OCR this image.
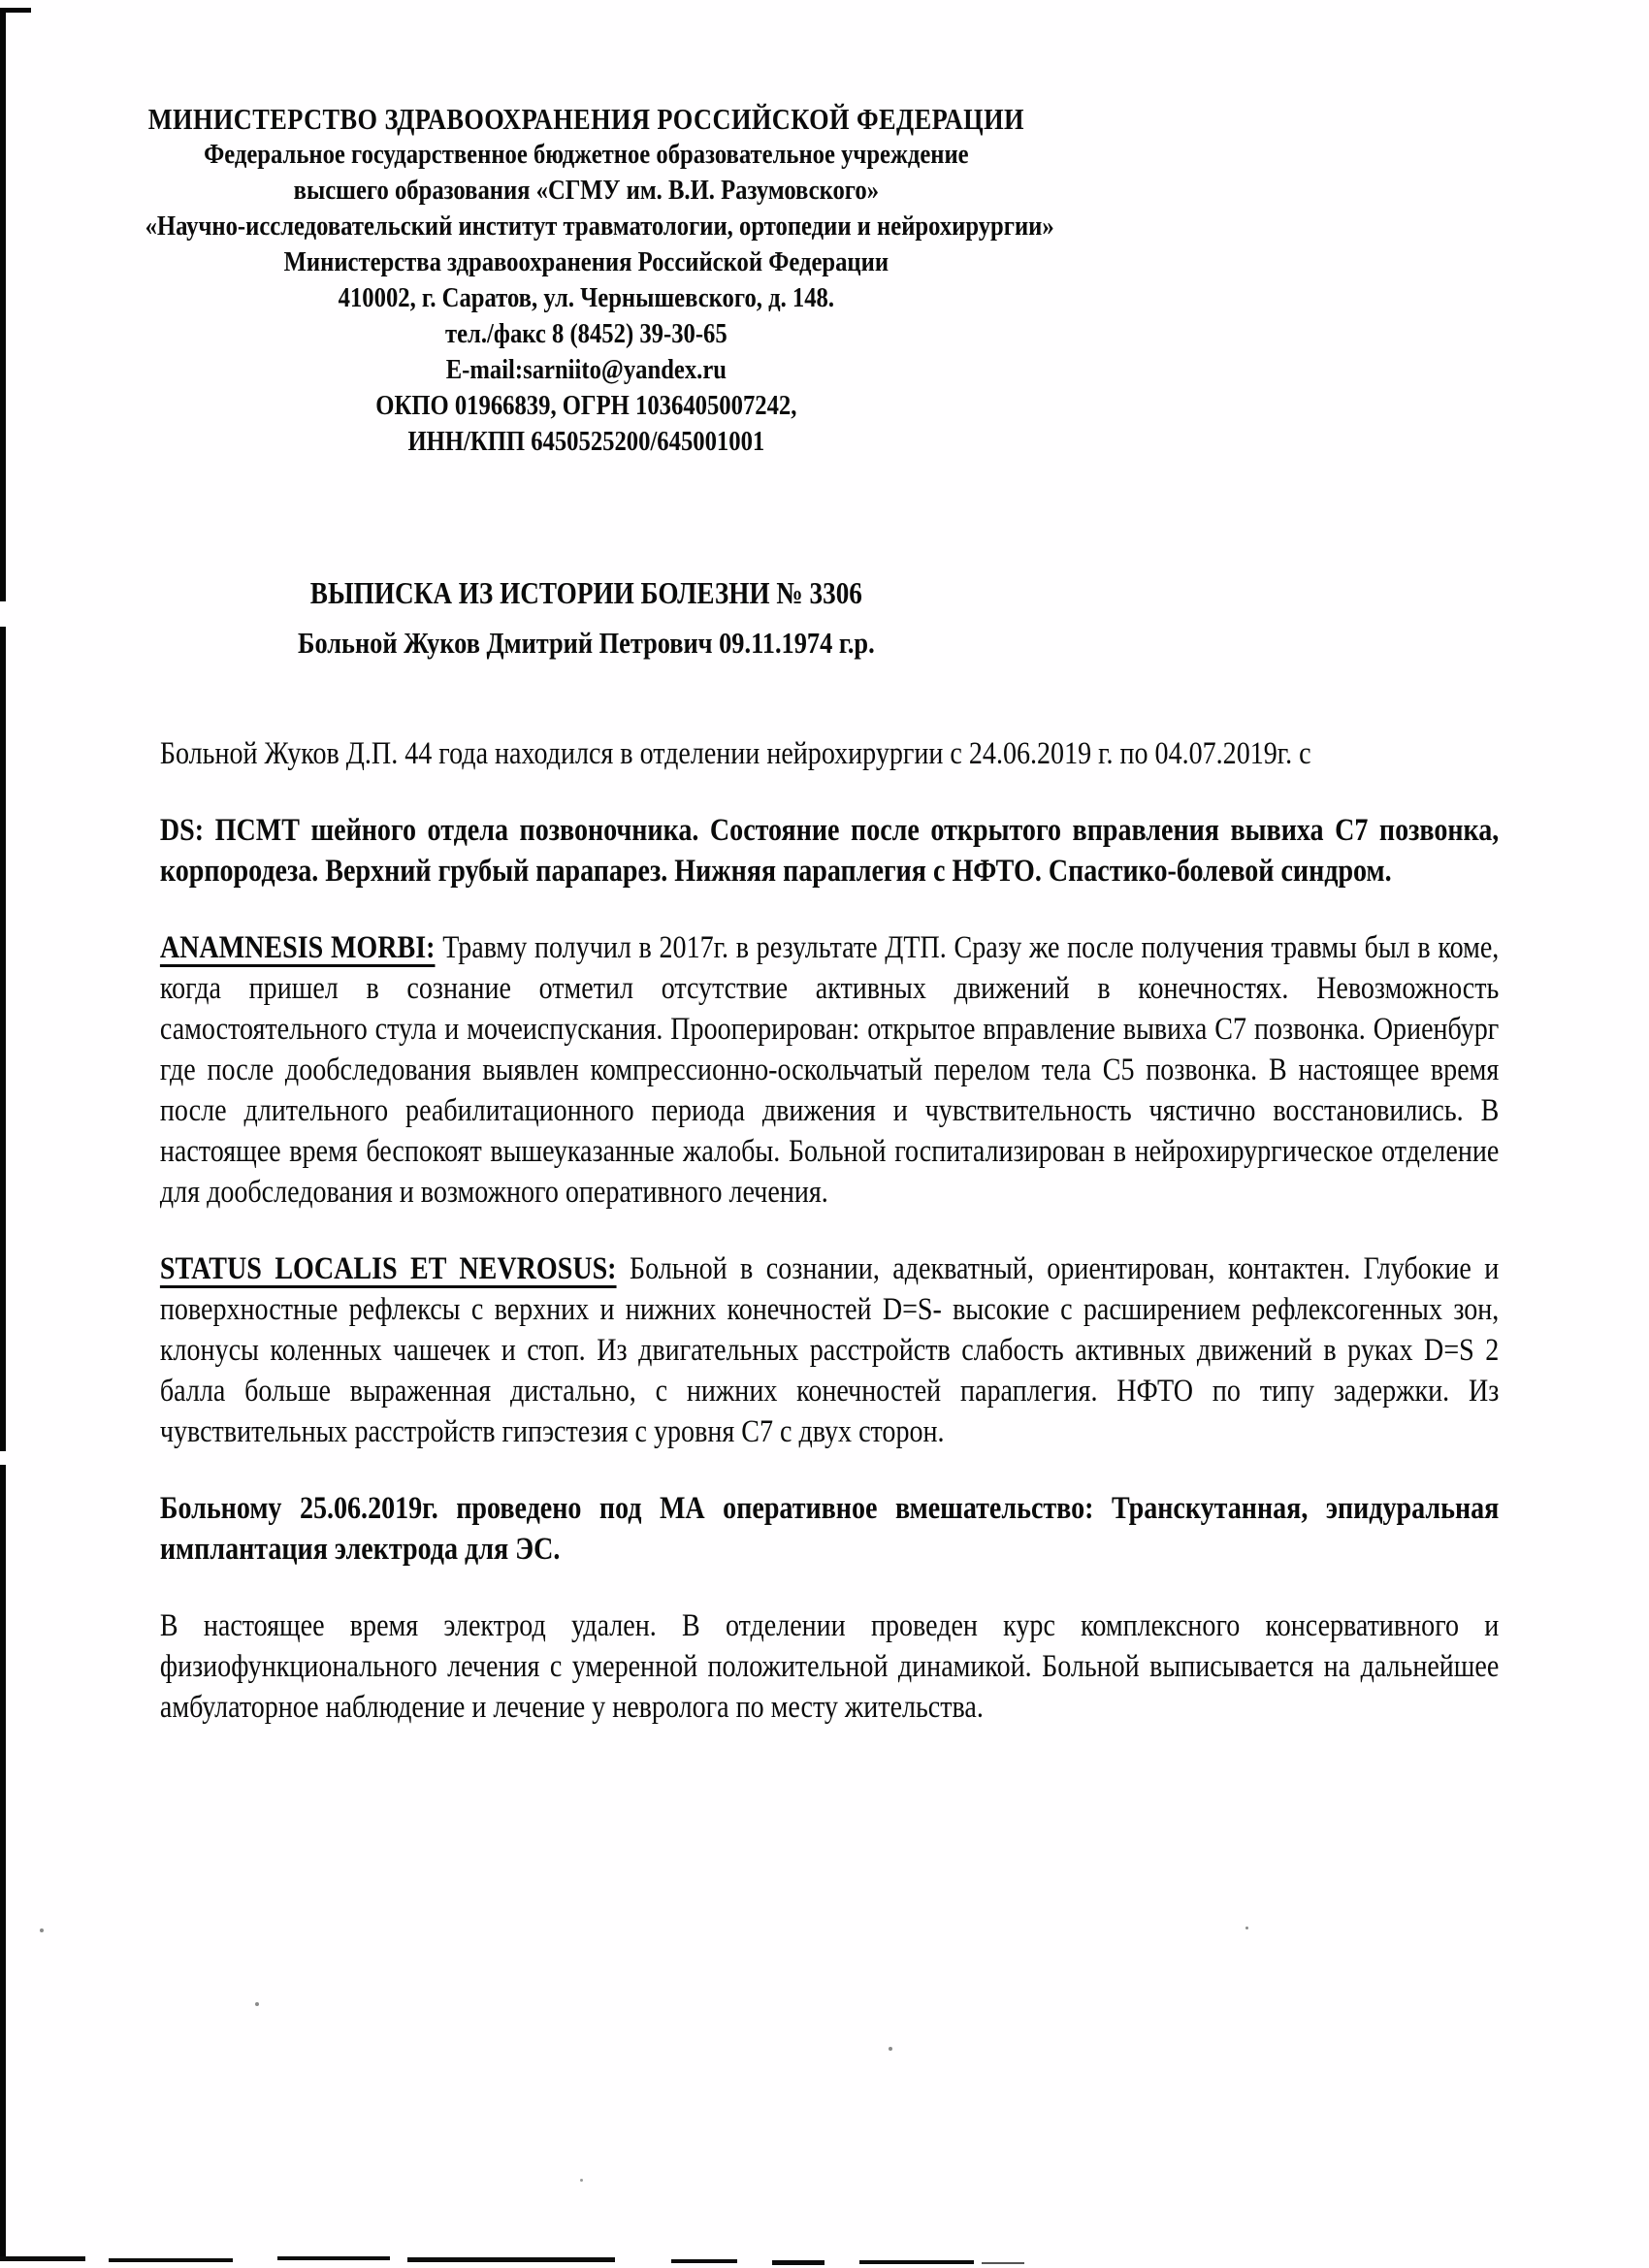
МИНИСТЕРСТВО ЗДРАВООХРАНЕНИЯ РОССИЙСКОЙ ФЕДЕРАЦИИ
Федеральное государственное бюджетное образовательное учреждение
высшего образования «СГМУ им. В.И. Разумовского»
«Научно-исследовательский институт травматологии, ортопедии и нейрохирургии»
Министерства здравоохранения Российской Федерации
410002, г. Саратов, ул. Чернышевского, д. 148.
тел./факс 8 (8452) 39-30-65
E-mail:sarniito@yandex.ru
ОКПО 01966839, ОГРН 1036405007242,
ИНН/КПП 6450525200/645001001
ВЫПИСКА ИЗ ИСТОРИИ БОЛЕЗНИ № 3306
Больной Жуков Дмитрий Петрович 09.11.1974 г.р.

Больной Жуков Д.П. 44 года находился в отделении нейрохирургии с 24.06.2019 г. по 04.07.2019г. с

DS: ПСМТ шейного отдела позвоночника. Состояние после открытого вправления вывиха С7 позвонка, корпородеза. Верхний грубый парапарез. Нижняя параплегия с НФТО. Спастико-болевой синдром.

ANAMNESIS MORBI: Травму получил в 2017г. в результате ДТП. Сразу же после получения травмы был в коме, когда пришел в сознание отметил отсутствие активных движений в конечностях. Невозможность самостоятельного стула и мочеиспускания. Прооперирован: открытое вправление вывиха С7 позвонка. Ориенбург где после дообследования выявлен компрессионно-оскольчатый перелом тела С5 позвонка. В настоящее время после длительного реабилитационного периода движения и чувствительность чястично восстановились. В настоящее время беспокоят вышеуказанные жалобы. Больной госпитализирован в нейрохирургическое отделение для дообследования и возможного оперативного лечения.

STATUS LOCALIS ET NEVROSUS: Больной в сознании, адекватный, ориентирован, контактен. Глубокие и поверхностные рефлексы с верхних и нижних конечностей D=S- высокие с расширением рефлексогенных зон, клонусы коленных чашечек и стоп. Из двигательных расстройств слабость активных движений в руках D=S 2 балла больше выраженная дистально, с нижних конечностей параплегия. НФТО по типу задержки. Из чувствительных расстройств гипэстезия с уровня С7 с двух сторон.

Больному 25.06.2019г. проведено под МА оперативное вмешательство: Транскутанная, эпидуральная имплантация электрода для ЭС.

В настоящее время электрод удален. В отделении проведен курс комплексного консервативного и физиофункционального лечения с умеренной положительной динамикой. Больной выписывается на дальнейшее амбулаторное наблюдение и лечение у невролога по месту жительства.
